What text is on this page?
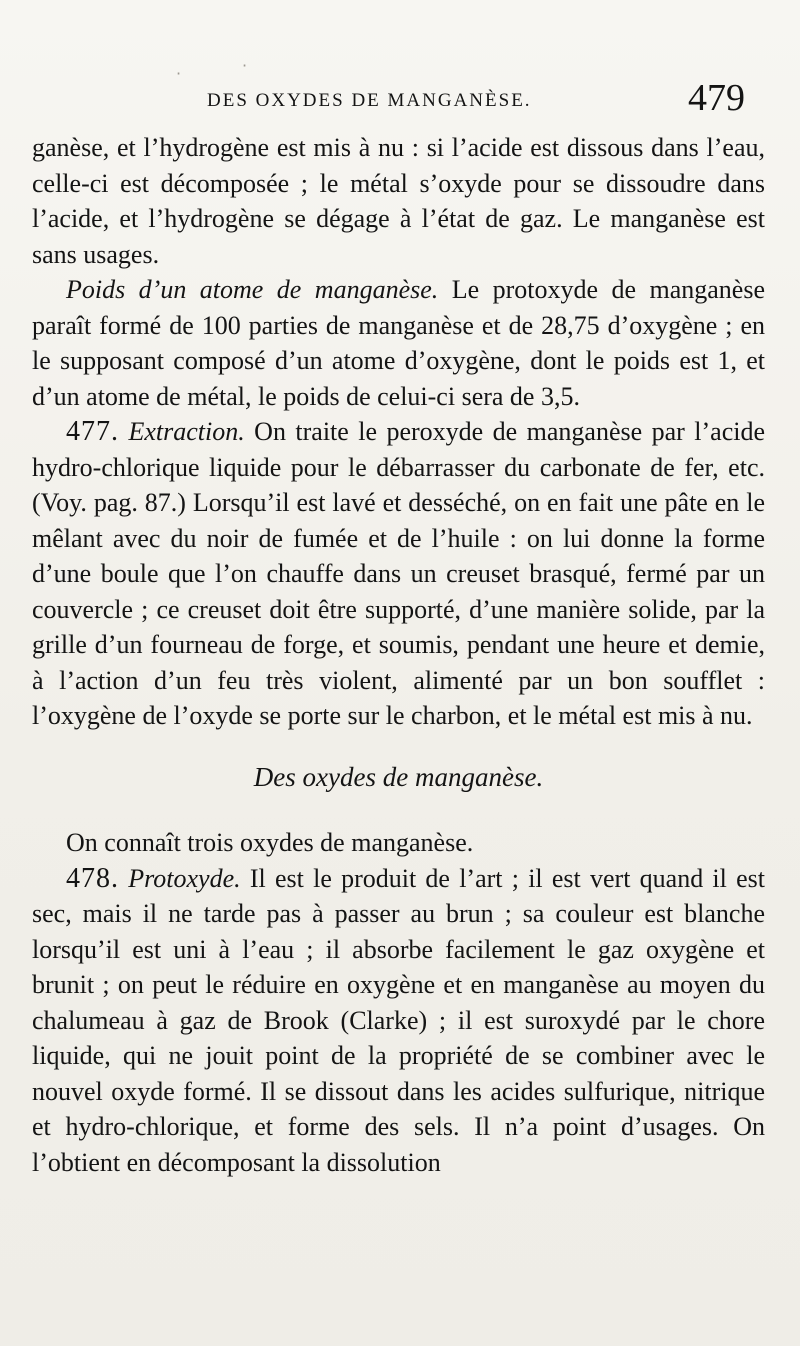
DES OXYDES DE MANGANÈSE.	479

ganèse, et l’hydrogène est mis à nu : si l’acide est dissous dans l’eau, celle-ci est décomposée ; le métal s’oxyde pour se dissoudre dans l’acide, et l’hydrogène se dégage à l’état de gaz. Le manganèse est sans usages.

Poids d’un atome de manganèse. Le protoxyde de manganèse paraît formé de 100 parties de manganèse et de 28,75 d’oxygène ; en le supposant composé d’un atome d’oxygène, dont le poids est 1, et d’un atome de métal, le poids de celui-ci sera de 3,5.

477. Extraction. On traite le peroxyde de manganèse par l’acide hydro-chlorique liquide pour le débarrasser du carbonate de fer, etc. (Voy. pag. 87.) Lorsqu’il est lavé et desséché, on en fait une pâte en le mêlant avec du noir de fumée et de l’huile : on lui donne la forme d’une boule que l’on chauffe dans un creuset brasqué, fermé par un couvercle ; ce creuset doit être supporté, d’une manière solide, par la grille d’un fourneau de forge, et soumis, pendant une heure et demie, à l’action d’un feu très violent, alimenté par un bon soufflet : l’oxygène de l’oxyde se porte sur le charbon, et le métal est mis à nu.

Des oxydes de manganèse.

On connaît trois oxydes de manganèse.

478. Protoxyde. Il est le produit de l’art ; il est vert quand il est sec, mais il ne tarde pas à passer au brun ; sa couleur est blanche lorsqu’il est uni à l’eau ; il absorbe facilement le gaz oxygène et brunit ; on peut le réduire en oxygène et en manganèse au moyen du chalumeau à gaz de Brook (Clarke) ; il est suroxydé par le chore liquide, qui ne jouit point de la propriété de se combiner avec le nouvel oxyde formé. Il se dissout dans les acides sulfurique, nitrique et hydro-chlorique, et forme des sels. Il n’a point d’usages. On l’obtient en décomposant la dissolution

·	·
